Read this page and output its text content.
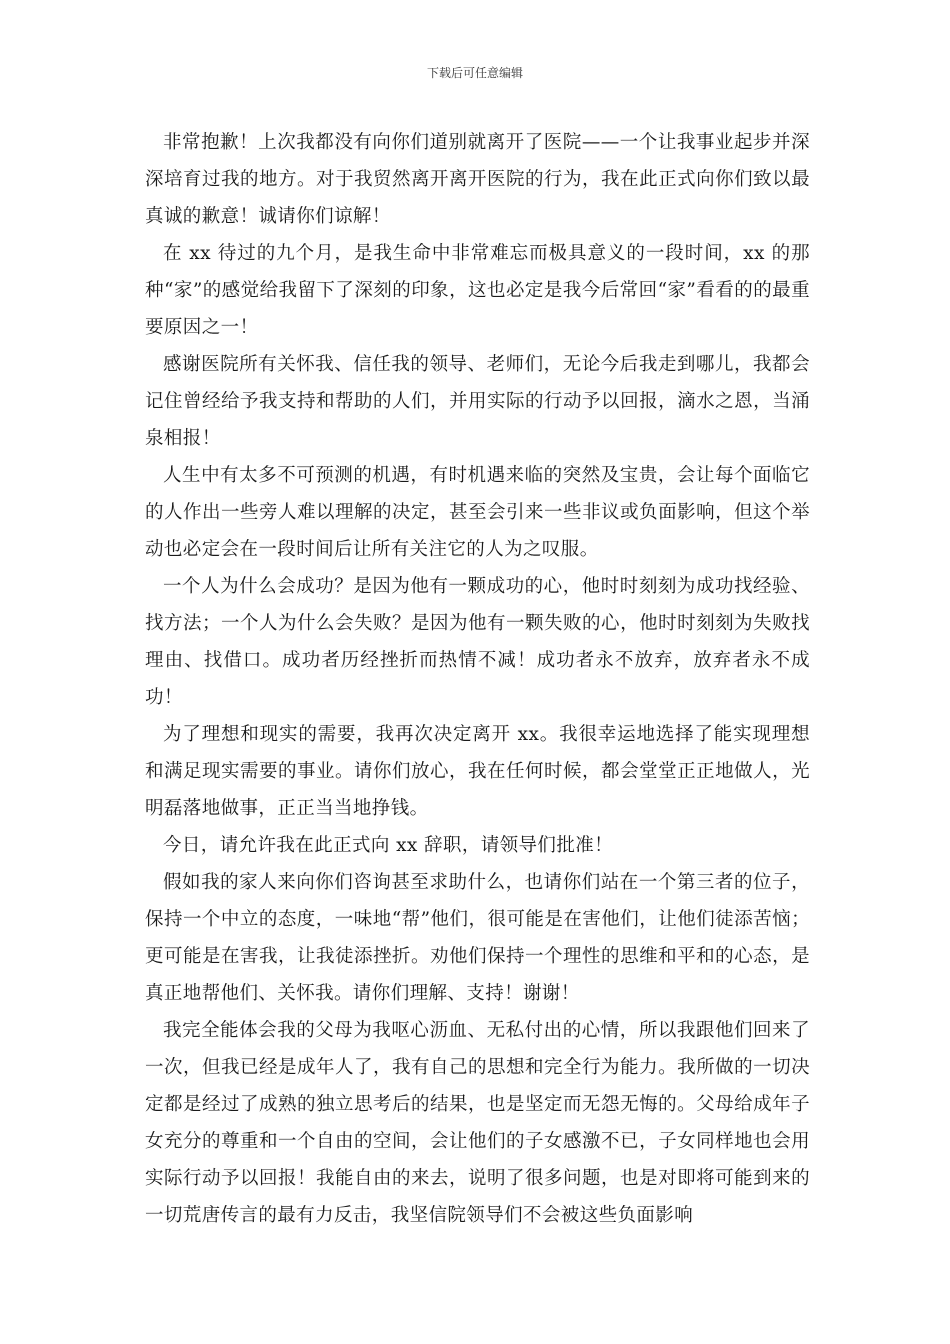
下载后可任意编辑

非常抱歉！上次我都没有向你们道别就离开了医院——一个让我事业起步并深深培育过我的地方。对于我贸然离开离开医院的行为，我在此正式向你们致以最真诚的歉意！诚请你们谅解！

在 xx 待过的九个月，是我生命中非常难忘而极具意义的一段时间，xx 的那种“家”的感觉给我留下了深刻的印象，这也必定是我今后常回“家”看看的的最重要原因之一！

感谢医院所有关怀我、信任我的领导、老师们，无论今后我走到哪儿，我都会记住曾经给予我支持和帮助的人们，并用实际的行动予以回报，滴水之恩，当涌泉相报！

人生中有太多不可预测的机遇，有时机遇来临的突然及宝贵，会让每个面临它的人作出一些旁人难以理解的决定，甚至会引来一些非议或负面影响，但这个举动也必定会在一段时间后让所有关注它的人为之叹服。

一个人为什么会成功？是因为他有一颗成功的心，他时时刻刻为成功找经验、找方法；一个人为什么会失败？是因为他有一颗失败的心，他时时刻刻为失败找理由、找借口。成功者历经挫折而热情不减！成功者永不放弃，放弃者永不成功！

为了理想和现实的需要，我再次决定离开 xx。我很幸运地选择了能实现理想和满足现实需要的事业。请你们放心，我在任何时候，都会堂堂正正地做人，光明磊落地做事，正正当当地挣钱。

今日，请允许我在此正式向 xx 辞职，请领导们批准！

假如我的家人来向你们咨询甚至求助什么，也请你们站在一个第三者的位子，保持一个中立的态度，一味地“帮”他们，很可能是在害他们，让他们徒添苦恼；更可能是在害我，让我徒添挫折。劝他们保持一个理性的思维和平和的心态，是真正地帮他们、关怀我。请你们理解、支持！谢谢！

我完全能体会我的父母为我呕心沥血、无私付出的心情，所以我跟他们回来了一次，但我已经是成年人了，我有自己的思想和完全行为能力。我所做的一切决定都是经过了成熟的独立思考后的结果，也是坚定而无怨无悔的。父母给成年子女充分的尊重和一个自由的空间，会让他们的子女感激不已，子女同样地也会用实际行动予以回报！我能自由的来去，说明了很多问题，也是对即将可能到来的一切荒唐传言的最有力反击，我坚信院领导们不会被这些负面影响
